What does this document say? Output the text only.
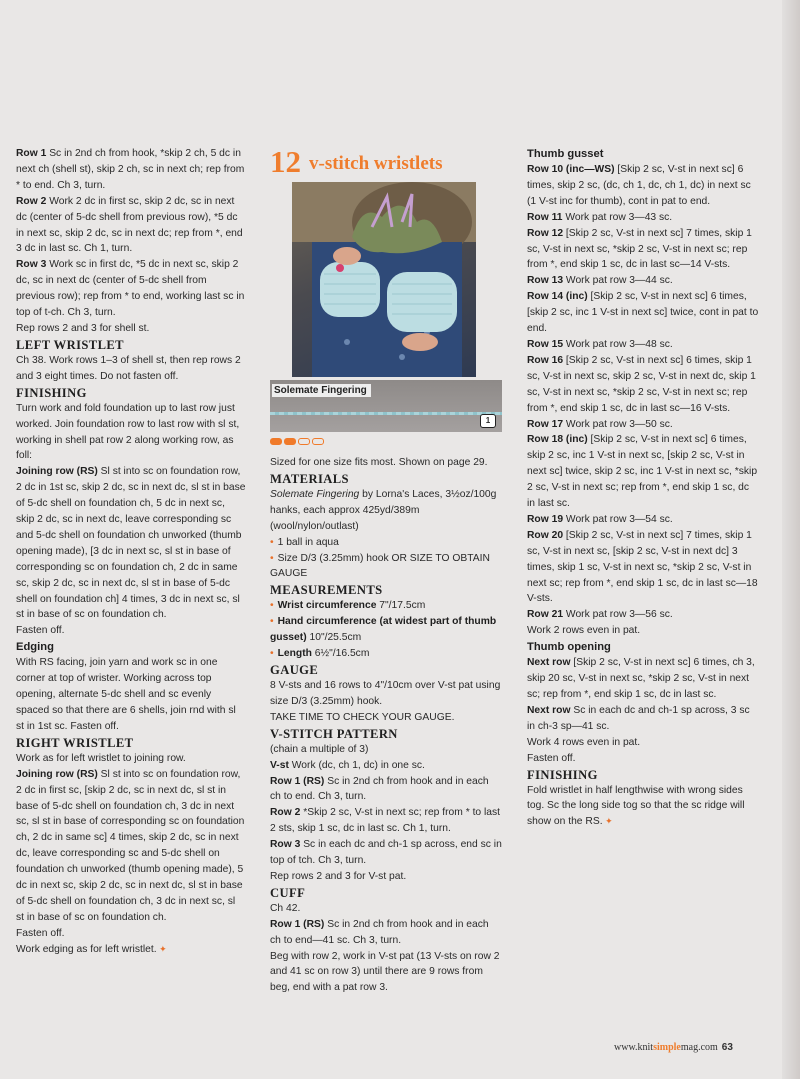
Row 1 Sc in 2nd ch from hook, *skip 2 ch, 5 dc in next ch (shell st), skip 2 ch, sc in next ch; rep from * to end. Ch 3, turn.

Row 2 Work 2 dc in first sc, skip 2 dc, sc in next dc (center of 5-dc shell from previous row), *5 dc in next sc, skip 2 dc, sc in next dc; rep from *, end 3 dc in last sc. Ch 1, turn.

Row 3 Work sc in first dc, *5 dc in next sc, skip 2 dc, sc in next dc (center of 5-dc shell from previous row); rep from * to end, working last sc in top of t-ch. Ch 3, turn.

Rep rows 2 and 3 for shell st.

LEFT WRISTLET

Ch 38. Work rows 1–3 of shell st, then rep rows 2 and 3 eight times. Do not fasten off.

FINISHING

Turn work and fold foundation up to last row just worked. Join foundation row to last row with sl st, working in shell pat row 2 along working row, as foll:

Joining row (RS) Sl st into sc on foundation row, 2 dc in 1st sc, skip 2 dc, sc in next dc, sl st in base of 5-dc shell on foundation ch, 5 dc in next sc, skip 2 dc, sc in next dc, leave corresponding sc and 5-dc shell on foundation ch unworked (thumb opening made), [3 dc in next sc, sl st in base of corresponding sc on foundation ch, 2 dc in same sc, skip 2 dc, sc in next dc, sl st in base of 5-dc shell on foundation ch] 4 times, 3 dc in next sc, sl st in base of sc on foundation ch.

Fasten off.

Edging

With RS facing, join yarn and work sc in one corner at top of wrister. Working across top opening, alternate 5-dc shell and sc evenly spaced so that there are 6 shells, join rnd with sl st in 1st sc. Fasten off.

RIGHT WRISTLET

Work as for left wristlet to joining row.

Joining row (RS) Sl st into sc on foundation row, 2 dc in first sc, [skip 2 dc, sc in next dc, sl st in base of 5-dc shell on foundation ch, 3 dc in next sc, sl st in base of corresponding sc on foundation ch, 2 dc in same sc] 4 times, skip 2 dc, sc in next dc, leave corresponding sc and 5-dc shell on foundation ch unworked (thumb opening made), 5 dc in next sc, skip 2 dc, sc in next dc, sl st in base of 5-dc shell on foundation ch, 3 dc in next sc, sl st in base of sc on foundation ch.

Fasten off.

Work edging as for left wristlet. ✦

12 v-stitch wristlets
Solemate Fingering
1

Sized for one size fits most. Shown on page 29.

MATERIALS

Solemate Fingering by Lorna's Laces, 3½oz/100g hanks, each approx 425yd/389m (wool/nylon/outlast)

• 1 ball in aqua

• Size D/3 (3.25mm) hook OR SIZE TO OBTAIN GAUGE

MEASUREMENTS

• Wrist circumference 7"/17.5cm

• Hand circumference (at widest part of thumb gusset) 10"/25.5cm

• Length 6½"/16.5cm

GAUGE

8 V-sts and 16 rows to 4"/10cm over V-st pat using size D/3 (3.25mm) hook.

TAKE TIME TO CHECK YOUR GAUGE.

V-STITCH PATTERN

(chain a multiple of 3)

V-st Work (dc, ch 1, dc) in one sc.

Row 1 (RS) Sc in 2nd ch from hook and in each ch to end. Ch 3, turn.

Row 2 *Skip 2 sc, V-st in next sc; rep from * to last 2 sts, skip 1 sc, dc in last sc. Ch 1, turn.

Row 3 Sc in each dc and ch-1 sp across, end sc in top of tch. Ch 3, turn.

Rep rows 2 and 3 for V-st pat.

CUFF

Ch 42.

Row 1 (RS) Sc in 2nd ch from hook and in each ch to end—41 sc. Ch 3, turn.

Beg with row 2, work in V-st pat (13 V-sts on row 2 and 41 sc on row 3) until there are 9 rows from beg, end with a pat row 3.

Thumb gusset

Row 10 (inc—WS) [Skip 2 sc, V-st in next sc] 6 times, skip 2 sc, (dc, ch 1, dc, ch 1, dc) in next sc (1 V-st inc for thumb), cont in pat to end.

Row 11 Work pat row 3—43 sc.

Row 12 [Skip 2 sc, V-st in next sc] 7 times, skip 1 sc, V-st in next sc, *skip 2 sc, V-st in next sc; rep from *, end skip 1 sc, dc in last sc—14 V-sts.

Row 13 Work pat row 3—44 sc.

Row 14 (inc) [Skip 2 sc, V-st in next sc] 6 times, [skip 2 sc, inc 1 V-st in next sc] twice, cont in pat to end.

Row 15 Work pat row 3—48 sc.

Row 16 [Skip 2 sc, V-st in next sc] 6 times, skip 1 sc, V-st in next sc, skip 2 sc, V-st in next dc, skip 1 sc, V-st in next sc, *skip 2 sc, V-st in next sc; rep from *, end skip 1 sc, dc in last sc—16 V-sts.

Row 17 Work pat row 3—50 sc.

Row 18 (inc) [Skip 2 sc, V-st in next sc] 6 times, skip 2 sc, inc 1 V-st in next sc, [skip 2 sc, V-st in next sc] twice, skip 2 sc, inc 1 V-st in next sc, *skip 2 sc, V-st in next sc; rep from *, end skip 1 sc, dc in last sc.

Row 19 Work pat row 3—54 sc.

Row 20 [Skip 2 sc, V-st in next sc] 7 times, skip 1 sc, V-st in next sc, [skip 2 sc, V-st in next dc] 3 times, skip 1 sc, V-st in next sc, *skip 2 sc, V-st in next sc; rep from *, end skip 1 sc, dc in last sc—18 V-sts.

Row 21 Work pat row 3—56 sc.

Work 2 rows even in pat.

Thumb opening

Next row [Skip 2 sc, V-st in next sc] 6 times, ch 3, skip 20 sc, V-st in next sc, *skip 2 sc, V-st in next sc; rep from *, end skip 1 sc, dc in last sc.

Next row Sc in each dc and ch-1 sp across, 3 sc in ch-3 sp—41 sc.

Work 4 rows even in pat.

Fasten off.

FINISHING

Fold wristlet in half lengthwise with wrong sides tog. Sc the long side tog so that the sc ridge will show on the RS. ✦

www.knitsimplemag.com 63
